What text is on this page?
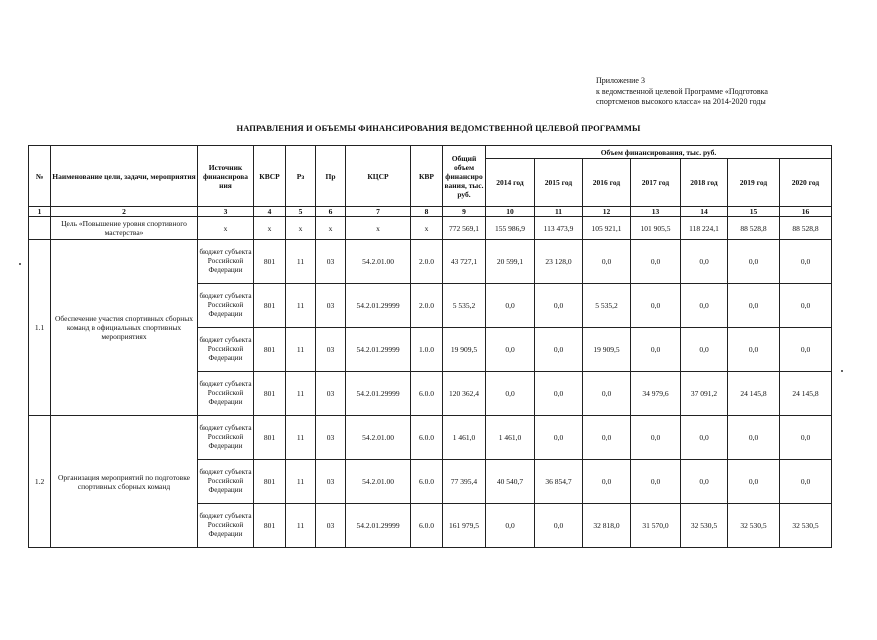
Приложение 3
к ведомственной целевой Программе «Подготовка
спортсменов высокого класса» на 2014-2020 годы
НАПРАВЛЕНИЯ И ОБЪЕМЫ ФИНАНСИРОВАНИЯ ВЕДОМСТВЕННОЙ ЦЕЛЕВОЙ ПРОГРАММЫ
№	Наименование цели, задачи, мероприятия	Источник финансирова ния	КВСР	Рз	Пр	КЦСР	КВР	Общий объем финансиро вания, тыс. руб.	Объем финансирования, тыс. руб.						
									2014 год	2015 год	2016 год	2017 год	2018 год	2019 год	2020 год
1	2	3	4	5	6	7	8	9	10	11	12	13	14	15	16
	Цель «Повышение уровня спортивного мастерства»	x	x	x	x	x	x	772 569,1	155 986,9	113 473,9	105 921,1	101 905,5	118 224,1	88 528,8	88 528,8
1.1	Обеспечение участия спортивных сборных команд в официальных спортивных мероприятиях	бюджет субъекта Российской Федерации	801	11	03	54.2.01.00	2.0.0	43 727,1	20 599,1	23 128,0	0,0	0,0	0,0	0,0	0,0
		бюджет субъекта Российской Федерации	801	11	03	54.2.01.29999	2.0.0	5 535,2	0,0	0,0	5 535,2	0,0	0,0	0,0	0,0
		бюджет субъекта Российской Федерации	801	11	03	54.2.01.29999	1.0.0	19 909,5	0,0	0,0	19 909,5	0,0	0,0	0,0	0,0
		бюджет субъекта Российской Федерации	801	11	03	54.2.01.29999	6.0.0	120 362,4	0,0	0,0	0,0	34 979,6	37 091,2	24 145,8	24 145,8
1.2	Организация мероприятий по подготовке спортивных сборных команд	бюджет субъекта Российской Федерации	801	11	03	54.2.01.00	6.0.0	1 461,0	1 461,0	0,0	0,0	0,0	0,0	0,0	0,0
		бюджет субъекта Российской Федерации	801	11	03	54.2.01.00	6.0.0	77 395,4	40 540,7	36 854,7	0,0	0,0	0,0	0,0	0,0
		бюджет субъекта Российской Федерации	801	11	03	54.2.01.29999	6.0.0	161 979,5	0,0	0,0	32 818,0	31 570,0	32 530,5	32 530,5	32 530,5
